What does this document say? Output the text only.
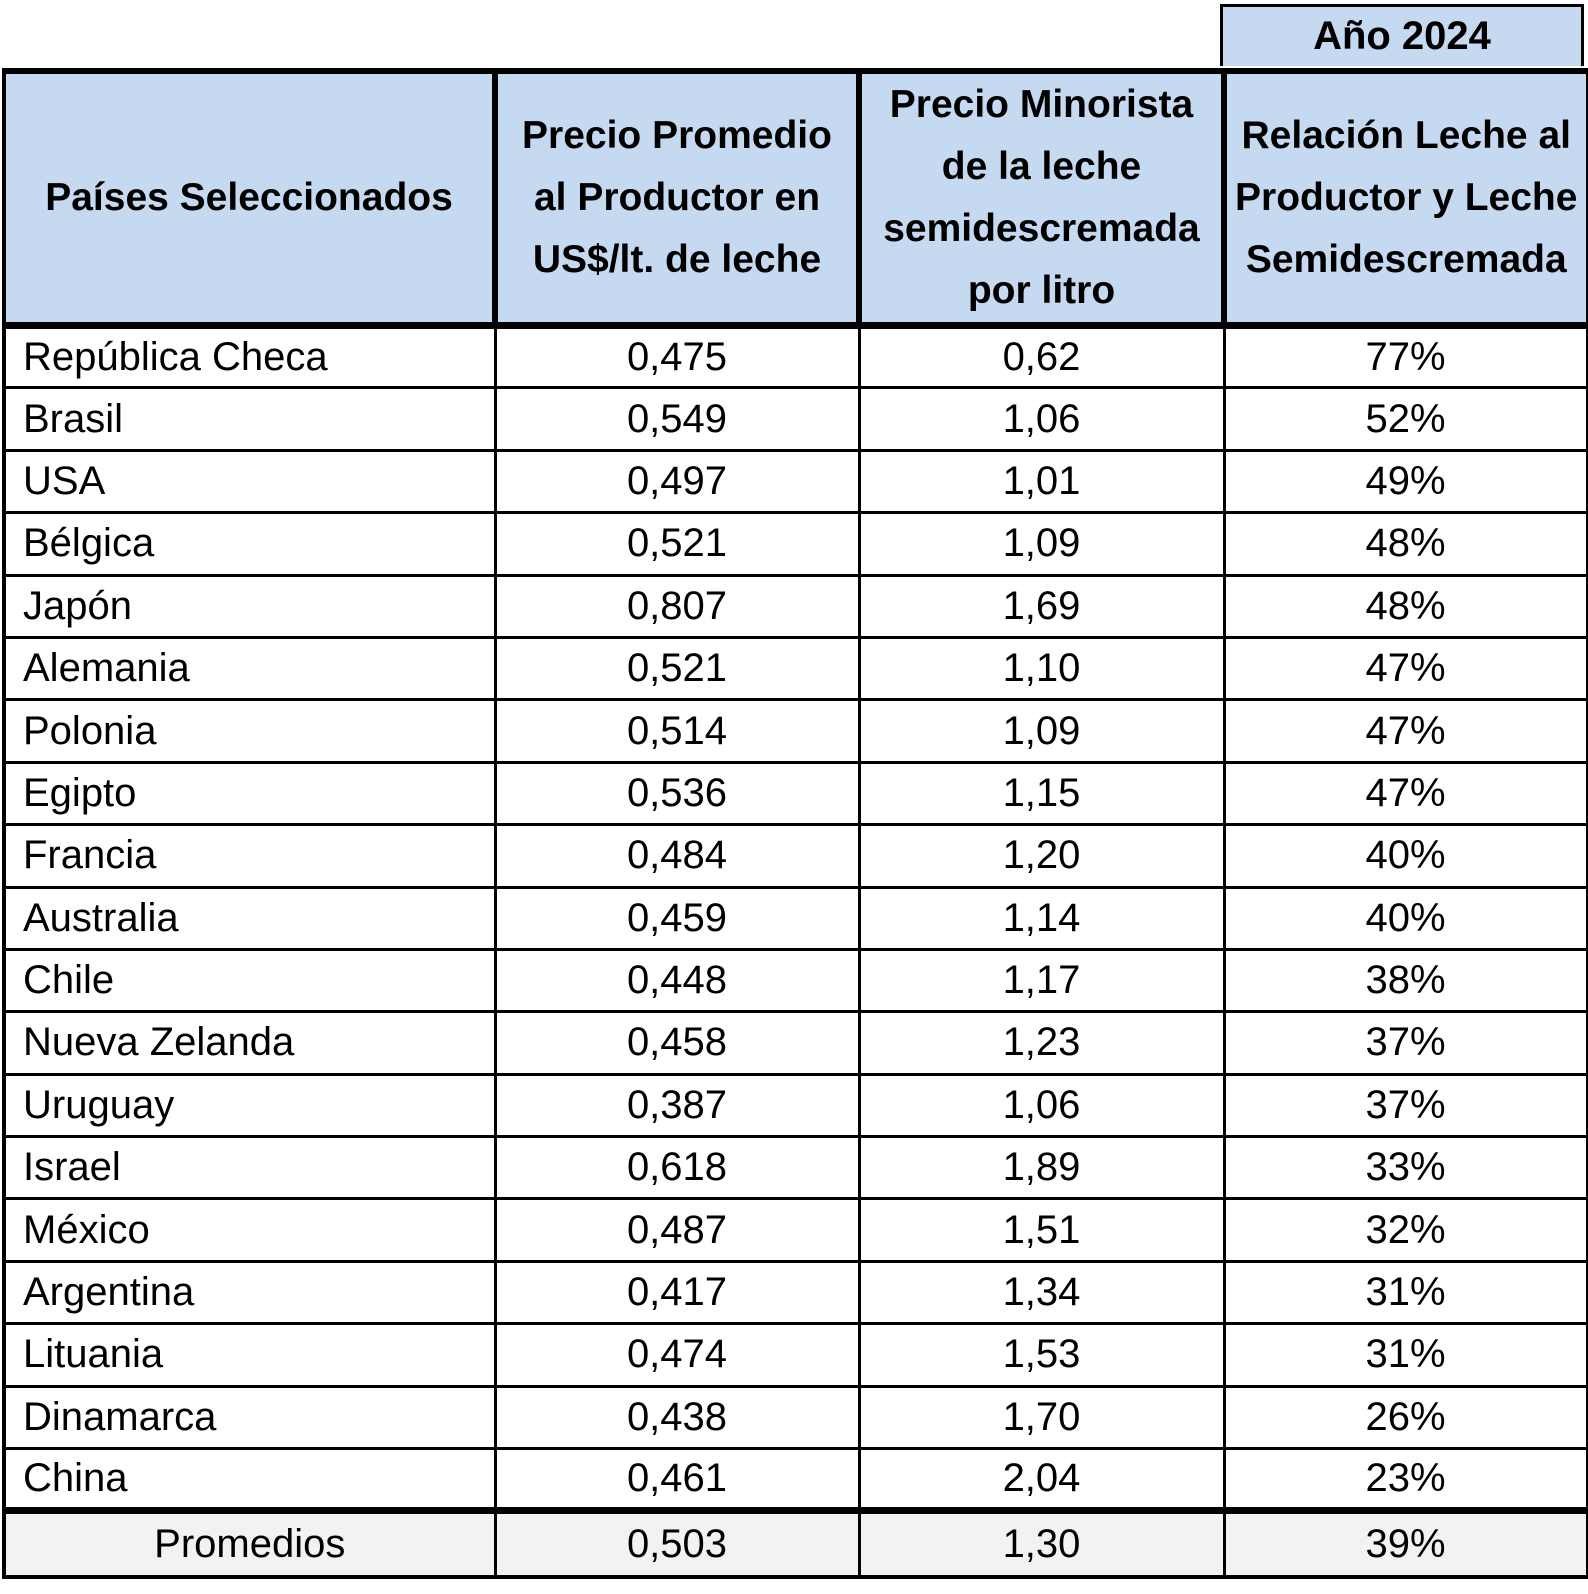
Año 2024
Países Seleccionados	Precio Promedio al Productor en US$/lt. de leche	Precio Minorista de la leche semidescremada por litro	Relación Leche al Productor y Leche Semidescremada
República Checa	0,475	0,62	77%
Brasil	0,549	1,06	52%
USA	0,497	1,01	49%
Bélgica	0,521	1,09	48%
Japón	0,807	1,69	48%
Alemania	0,521	1,10	47%
Polonia	0,514	1,09	47%
Egipto	0,536	1,15	47%
Francia	0,484	1,20	40%
Australia	0,459	1,14	40%
Chile	0,448	1,17	38%
Nueva Zelanda	0,458	1,23	37%
Uruguay	0,387	1,06	37%
Israel	0,618	1,89	33%
México	0,487	1,51	32%
Argentina	0,417	1,34	31%
Lituania	0,474	1,53	31%
Dinamarca	0,438	1,70	26%
China	0,461	2,04	23%
Promedios	0,503	1,30	39%
